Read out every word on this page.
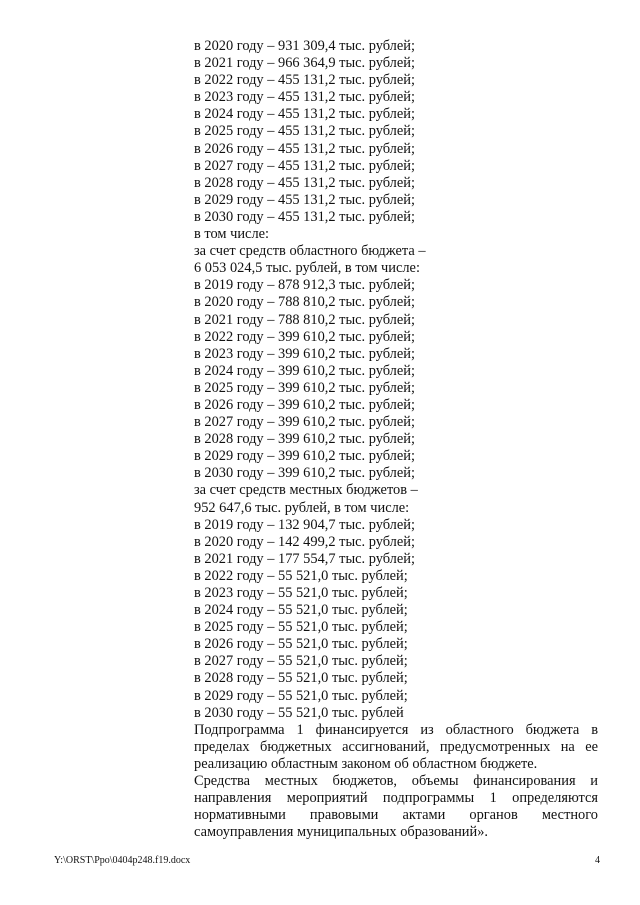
в 2020 году – 931 309,4 тыс. рублей;
в 2021 году – 966 364,9 тыс. рублей;
в 2022 году – 455 131,2 тыс. рублей;
в 2023 году – 455 131,2 тыс. рублей;
в 2024 году – 455 131,2 тыс. рублей;
в 2025 году – 455 131,2 тыс. рублей;
в 2026 году – 455 131,2 тыс. рублей;
в 2027 году – 455 131,2 тыс. рублей;
в 2028 году – 455 131,2 тыс. рублей;
в 2029 году – 455 131,2 тыс. рублей;
в 2030 году – 455 131,2 тыс. рублей;
в том числе:
за счет средств областного бюджета –
6 053 024,5 тыс. рублей, в том числе:
в 2019 году – 878 912,3 тыс. рублей;
в 2020 году – 788 810,2 тыс. рублей;
в 2021 году – 788 810,2 тыс. рублей;
в 2022 году – 399 610,2 тыс. рублей;
в 2023 году – 399 610,2 тыс. рублей;
в 2024 году – 399 610,2 тыс. рублей;
в 2025 году – 399 610,2 тыс. рублей;
в 2026 году – 399 610,2 тыс. рублей;
в 2027 году – 399 610,2 тыс. рублей;
в 2028 году – 399 610,2 тыс. рублей;
в 2029 году – 399 610,2 тыс. рублей;
в 2030 году – 399 610,2 тыс. рублей;
за счет средств местных бюджетов –
952 647,6 тыс. рублей, в том числе:
в 2019 году – 132 904,7 тыс. рублей;
в 2020 году – 142 499,2 тыс. рублей;
в 2021 году – 177 554,7 тыс. рублей;
в 2022 году – 55 521,0 тыс. рублей;
в 2023 году – 55 521,0 тыс. рублей;
в 2024 году – 55 521,0 тыс. рублей;
в 2025 году – 55 521,0 тыс. рублей;
в 2026 году – 55 521,0 тыс. рублей;
в 2027 году – 55 521,0 тыс. рублей;
в 2028 году – 55 521,0 тыс. рублей;
в 2029 году – 55 521,0 тыс. рублей;
в 2030 году – 55 521,0 тыс. рублей

Подпрограмма 1 финансируется из областного бюджета в пределах бюджетных ассигнований, предусмотренных на ее реализацию областным законом об областном бюджете.

Средства местных бюджетов, объемы финансирования и направления мероприятий подпрограммы 1 определяются нормативными правовыми актами органов местного самоуправления муниципальных образований».

Y:\ORST\Ppo\0404p248.f19.docx	4
